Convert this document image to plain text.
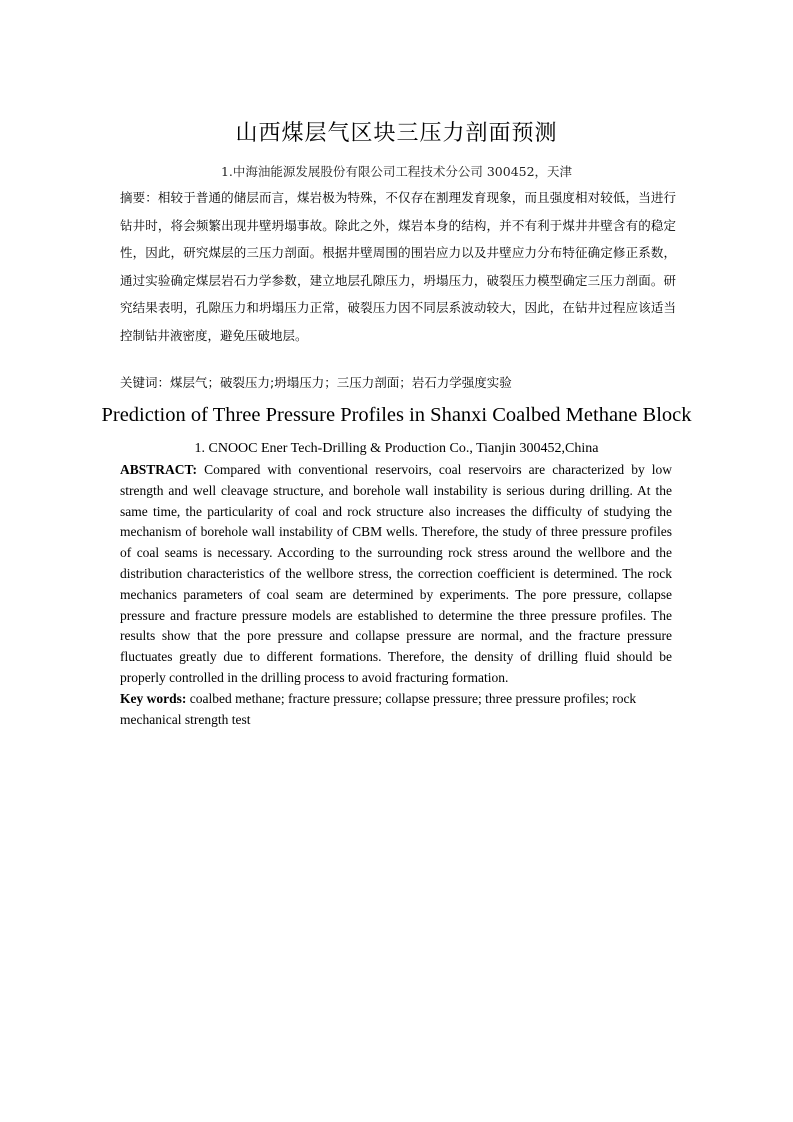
山西煤层气区块三压力剖面预测
1.中海油能源发展股份有限公司工程技术分公司 300452，天津

摘要：相较于普通的储层而言，煤岩极为特殊，不仅存在割理发育现象，而且强度相对较低，当进行钻井时，将会频繁出现井壁坍塌事故。除此之外，煤岩本身的结构，并不有利于煤井井壁含有的稳定性，因此，研究煤层的三压力剖面。根据井壁周围的围岩应力以及井壁应力分布特征确定修正系数，通过实验确定煤层岩石力学参数，建立地层孔隙压力，坍塌压力，破裂压力模型确定三压力剖面。研究结果表明，孔隙压力和坍塌压力正常，破裂压力因不同层系波动较大，因此，在钻井过程应该适当控制钻井液密度，避免压破地层。

关键词：煤层气；破裂压力;坍塌压力；三压力剖面；岩石力学强度实验

Prediction of Three Pressure Profiles in Shanxi Coalbed Methane Block
1. CNOOC Ener Tech-Drilling & Production Co., Tianjin 300452,China

ABSTRACT: Compared with conventional reservoirs, coal reservoirs are characterized by low strength and well cleavage structure, and borehole wall instability is serious during drilling. At the same time, the particularity of coal and rock structure also increases the difficulty of studying the mechanism of borehole wall instability of CBM wells. Therefore, the study of three pressure profiles of coal seams is necessary. According to the surrounding rock stress around the wellbore and the distribution characteristics of the wellbore stress, the correction coefficient is determined. The rock mechanics parameters of coal seam are determined by experiments. The pore pressure, collapse pressure and fracture pressure models are established to determine the three pressure profiles. The results show that the pore pressure and collapse pressure are normal, and the fracture pressure fluctuates greatly due to different formations. Therefore, the density of drilling fluid should be properly controlled in the drilling process to avoid fracturing formation.

Key words: coalbed methane; fracture pressure; collapse pressure; three pressure profiles; rock mechanical strength test
